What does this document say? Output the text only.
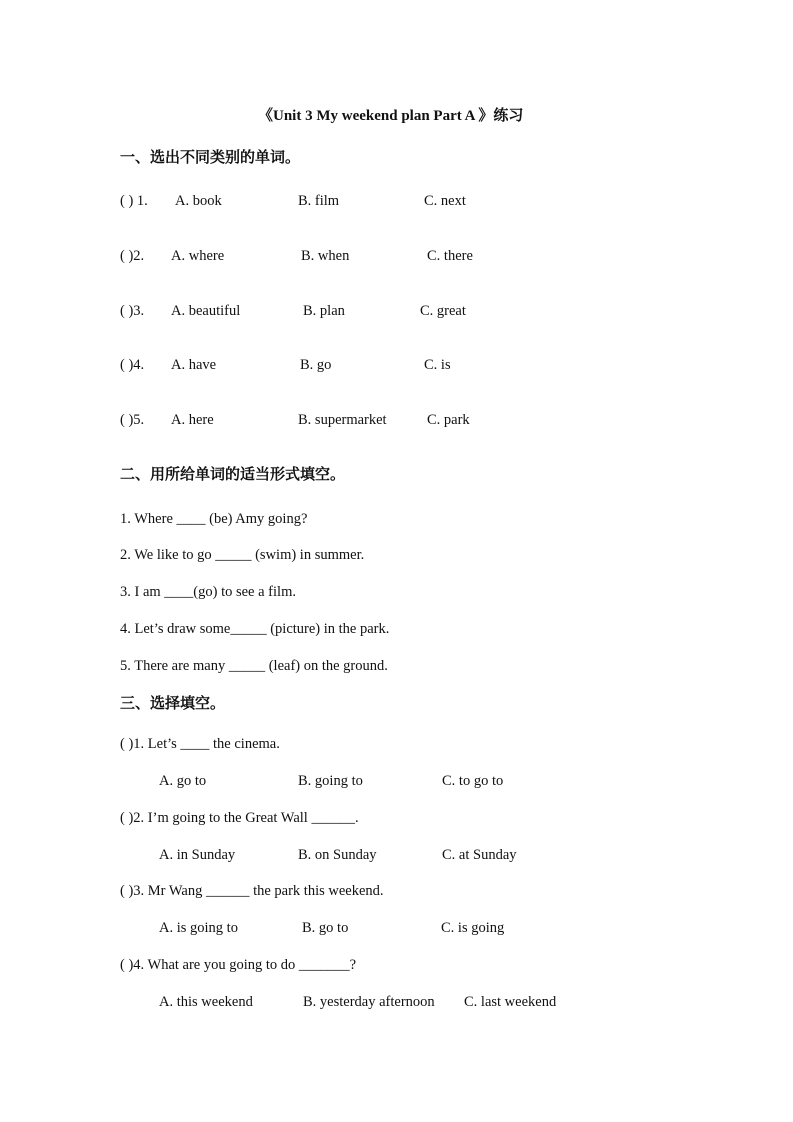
《Unit 3 My weekend plan Part A 》练习
一、选出不同类别的单词。
( ) 1. A. book	B. film	C. next
( )2. A. where	B. when	C. there
( )3. A. beautiful	B. plan	C. great
( )4. A. have	B. go	C. is
( )5. A. here	B. supermarket	C. park
二、用所给单词的适当形式填空。
1. Where ____ (be) Amy going?
2. We like to go _____ (swim) in summer.
3. I am ____(go) to see a film.
4. Let’s draw some_____ (picture) in the park.
5. There are many _____ (leaf) on the ground.
三、选择填空。
( )1. Let’s ____ the cinema.
A. go to	B. going to	C. to go to
( )2. I’m going to the Great Wall ______.
A. in Sunday	B. on Sunday	C. at Sunday
( )3. Mr Wang ______ the park this weekend.
A. is going to	B. go to	C. is going
( )4. What are you going to do _______?
A. this weekend	B. yesterday afternoon C. last weekend
